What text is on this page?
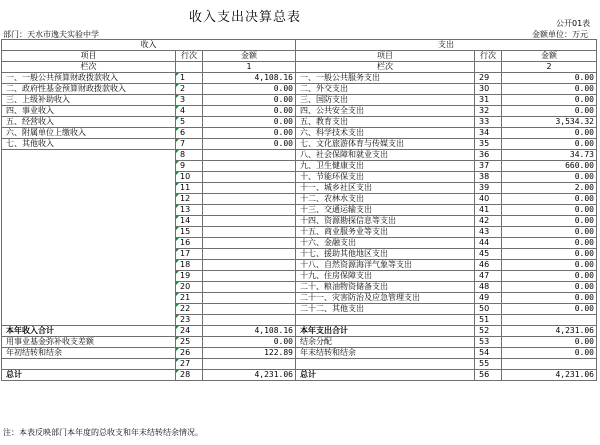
收入支出决算总表	公开01表
部门：天水市逸夫实验中学	金额单位：万元
收入			支出		
项目	行次	金额	项目	行次	金额
栏次		1	栏次		2
一、一般公共预算财政拨款收入	1	4,108.16	一、一般公共服务支出	29	0.00
二、政府性基金预算财政拨款收入	2	0.00	二、外交支出	30	0.00
三、上级补助收入	3	0.00	三、国防支出	31	0.00
四、事业收入	4	0.00	四、公共安全支出	32	0.00
五、经营收入	5	0.00	五、教育支出	33	3,534.32
六、附属单位上缴收入	6	0.00	六、科学技术支出	34	0.00
七、其他收入	7	0.00	七、文化旅游体育与传媒支出	35	0.00
	8		八、社会保障和就业支出	36	34.73
	9		九、卫生健康支出	37	660.00
	10		十、节能环保支出	38	0.00
	11		十一、城乡社区支出	39	2.00
	12		十二、农林水支出	40	0.00
	13		十三、交通运输支出	41	0.00
	14		十四、资源勘探信息等支出	42	0.00
	15		十五、商业服务业等支出	43	0.00
	16		十六、金融支出	44	0.00
	17		十七、援助其他地区支出	45	0.00
	18		十八、自然资源海洋气象等支出	46	0.00
	19		十九、住房保障支出	47	0.00
	20		二十、粮油物资储备支出	48	0.00
	21		二十一、灾害防治及应急管理支出	49	0.00
	22		二十二、其他支出	50	0.00
	23			51	
本年收入合计	24	4,108.16	本年支出合计	52	4,231.06
用事业基金弥补收支差额	25	0.00	结余分配	53	0.00
年初结转和结余	26	122.89	年末结转和结余	54	0.00
	27			55	
总计	28	4,231.06	总计	56	4,231.06
注：本表反映部门本年度的总收支和年末结转结余情况。
